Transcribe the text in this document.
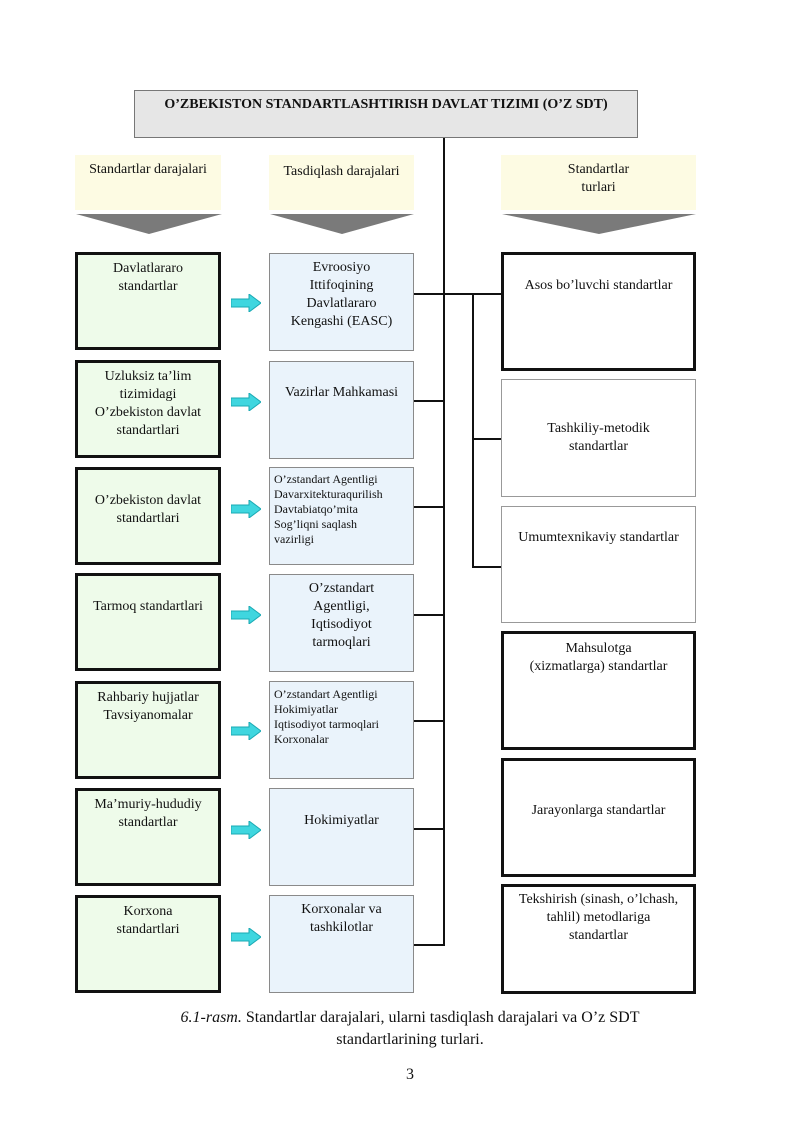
O’ZBEKISTON STANDARTLASHTIRISH DAVLAT TIZIMI (O’Z SDT)
Standartlar darajalari	Tasdiqlash darajalari	Standartlar
turlari
Davlatlararo
standartlar
Uzluksiz ta’lim
tizimidagi
O’zbekiston davlat
standartlari
O’zbekiston davlat
standartlari
Tarmoq standartlari
Rahbariy hujjatlar
Tavsiyanomalar
Ma’muriy-hududiy
standartlar
Korxona
standartlari
Evroosiyo
Ittifoqining
Davlatlararo
Kengashi (EASC)
Vazirlar Mahkamasi
O’zstandart Agentligi
Davarxitekturaqurilish
Davtabiatqo’mita
Sog’liqni saqlash
vazirligi
O’zstandart
Agentligi,
Iqtisodiyot
tarmoqlari
O’zstandart Agentligi
Hokimiyatlar
Iqtisodiyot tarmoqlari
Korxonalar
Hokimiyatlar
Korxonalar va
tashkilotlar
Asos bo’luvchi standartlar
Tashkiliy-metodik
standartlar
Umumtexnikaviy standartlar
Mahsulotga
(xizmatlarga) standartlar
Jarayonlarga standartlar
Tekshirish (sinash, o’lchash,
tahlil) metodlariga
standartlar
6.1-rasm. Standartlar darajalari, ularni tasdiqlash darajalari va O’z SDT standartlarining turlari.
3
